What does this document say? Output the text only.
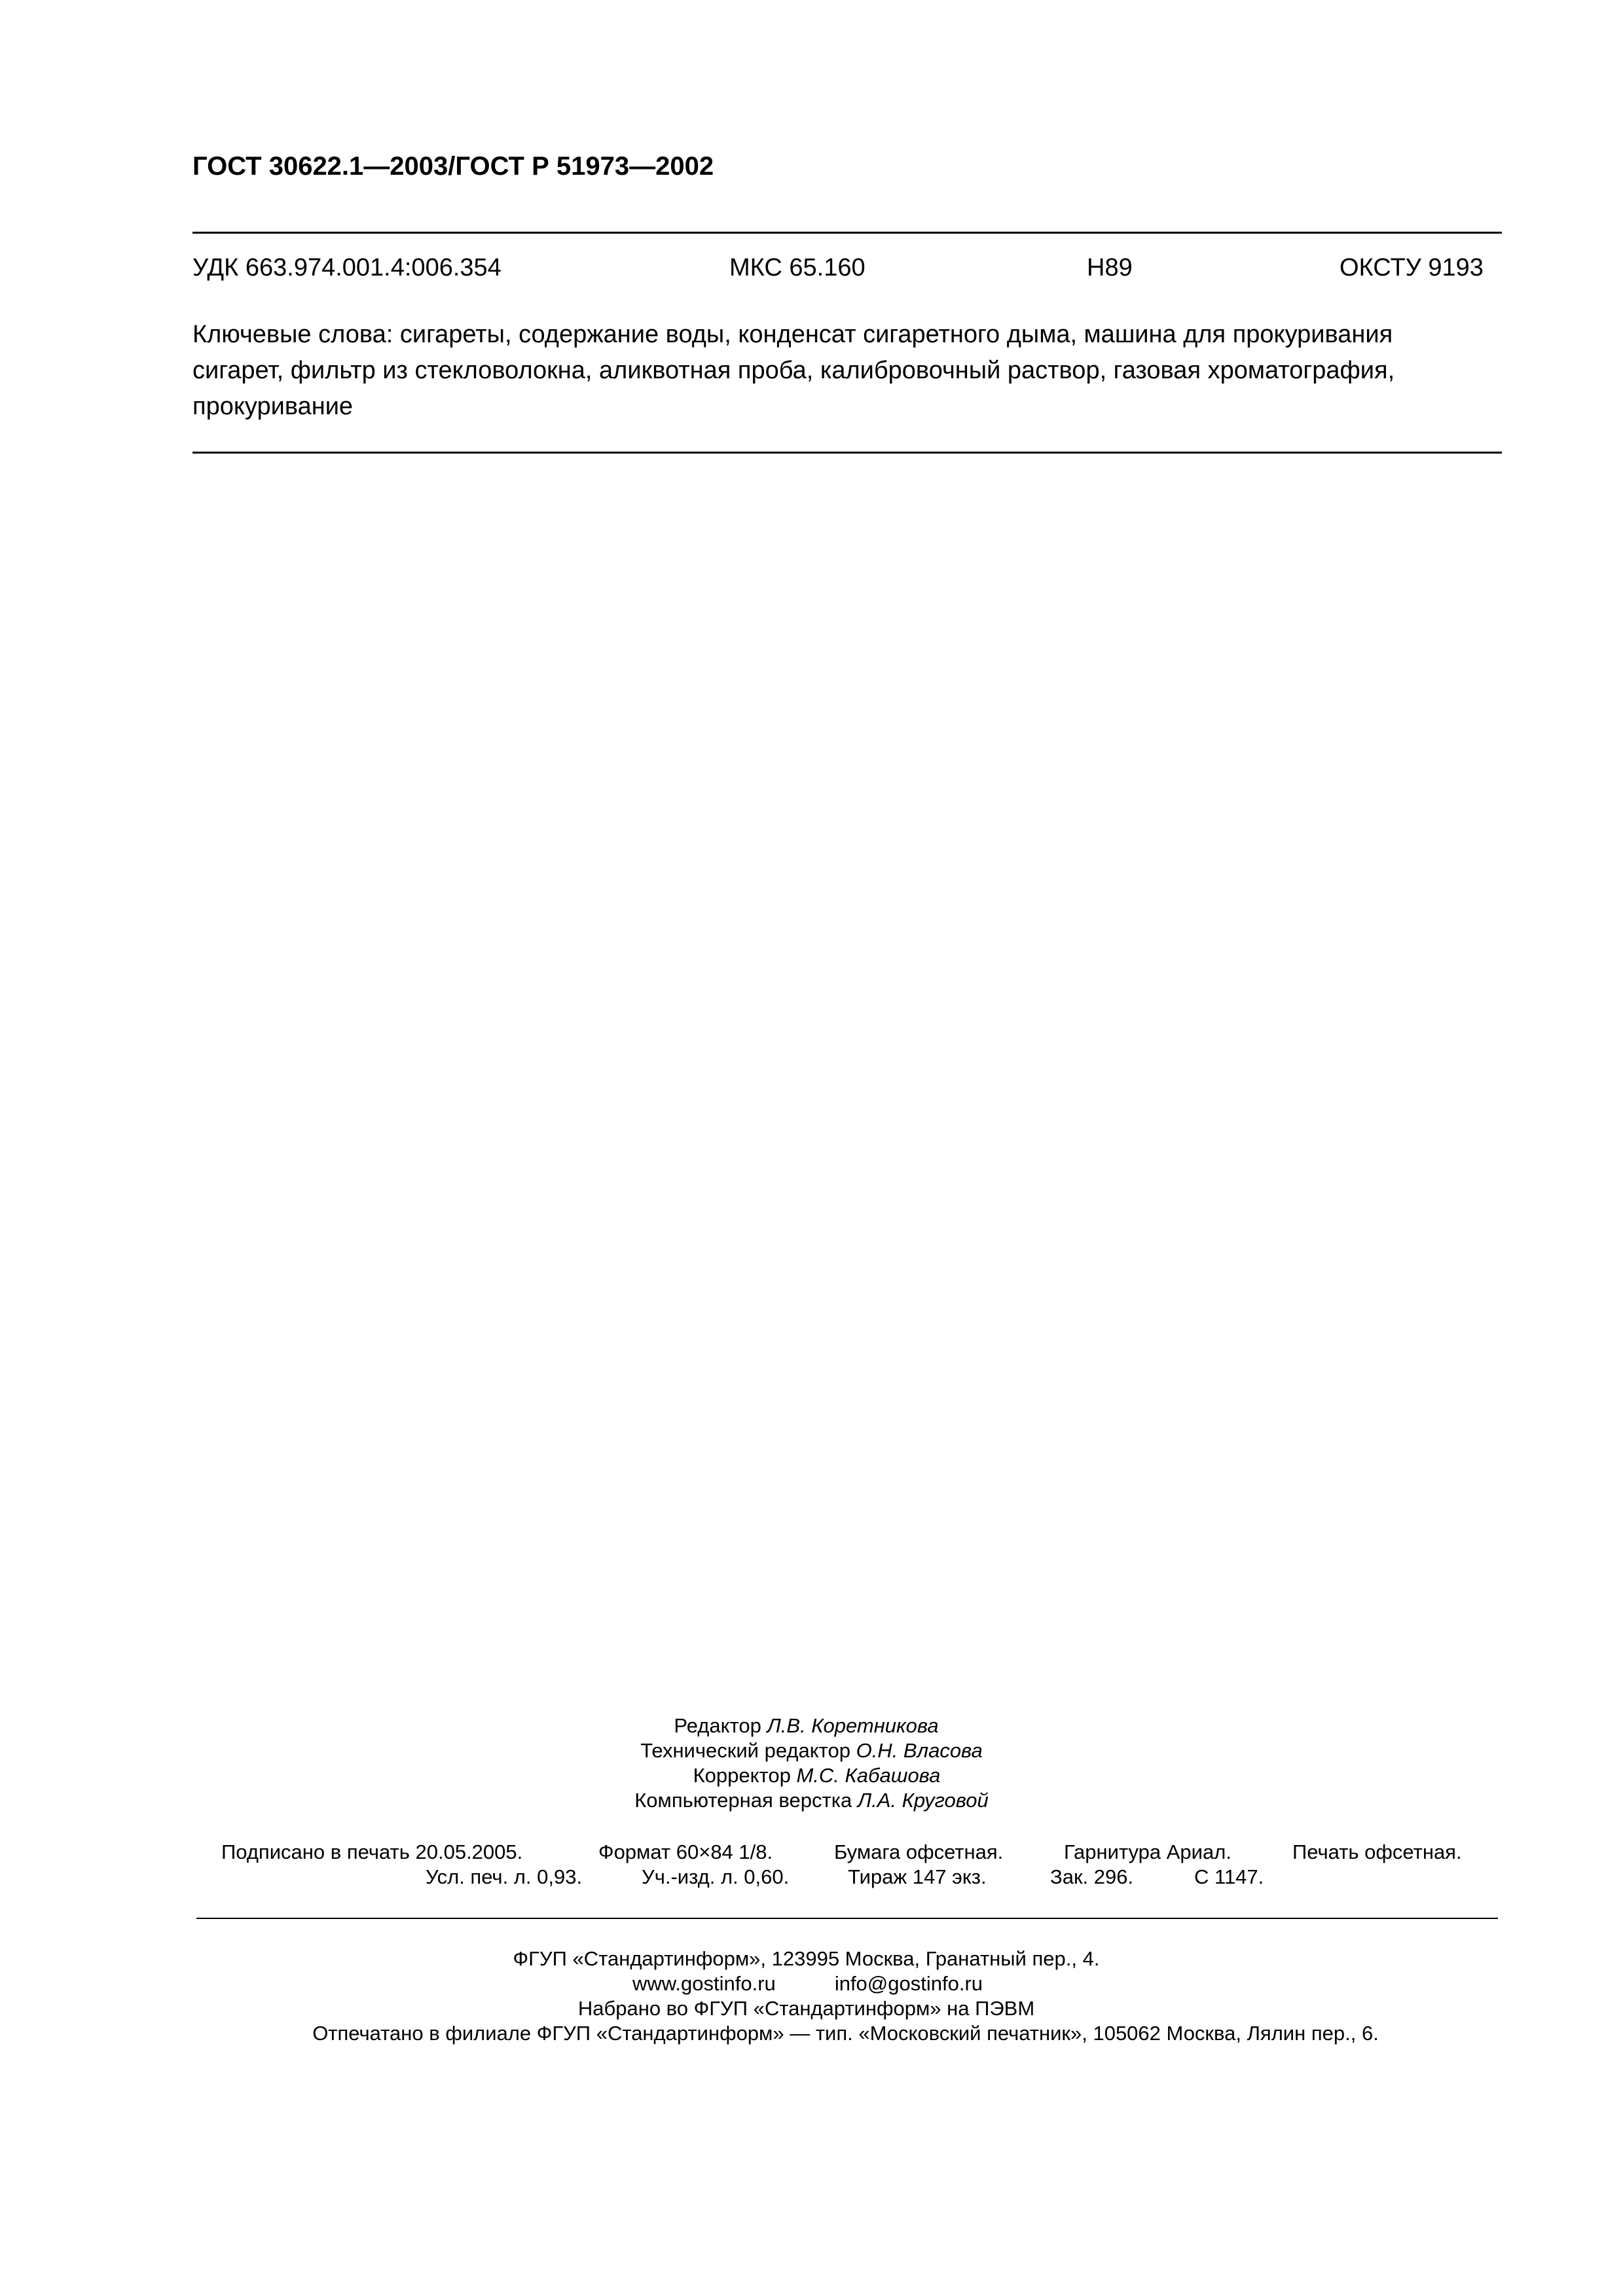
ГОСТ 30622.1—2003/ГОСТ Р 51973—2002
УДК 663.974.001.4:006.354	МКС 65.160	Н89	ОКСТУ 9193
Ключевые слова: сигареты, содержание воды, конденсат сигаретного дыма, машина для прокуривания
сигарет, фильтр из стекловолокна, аликвотная проба, калибровочный раствор, газовая хроматография,
прокуривание
Редактор Л.В. Коретникова
Технический редактор О.Н. Власова
Корректор М.С. Кабашова
Компьютерная верстка Л.А. Круговой
Подписано в печать 20.05.2005.	Формат 60×84 1/8.	Бумага офсетная.	Гарнитура Ариал.	Печать офсетная.
Усл. печ. л. 0,93.	Уч.-изд. л. 0,60.	Тираж 147 экз.	Зак. 296.	С 1147.
ФГУП «Стандартинформ», 123995 Москва, Гранатный пер., 4.
www.gostinfo.ru	info@gostinfo.ru
Набрано во ФГУП «Стандартинформ» на ПЭВМ
Отпечатано в филиале ФГУП «Стандартинформ» — тип. «Московский печатник», 105062 Москва, Лялин пер., 6.
